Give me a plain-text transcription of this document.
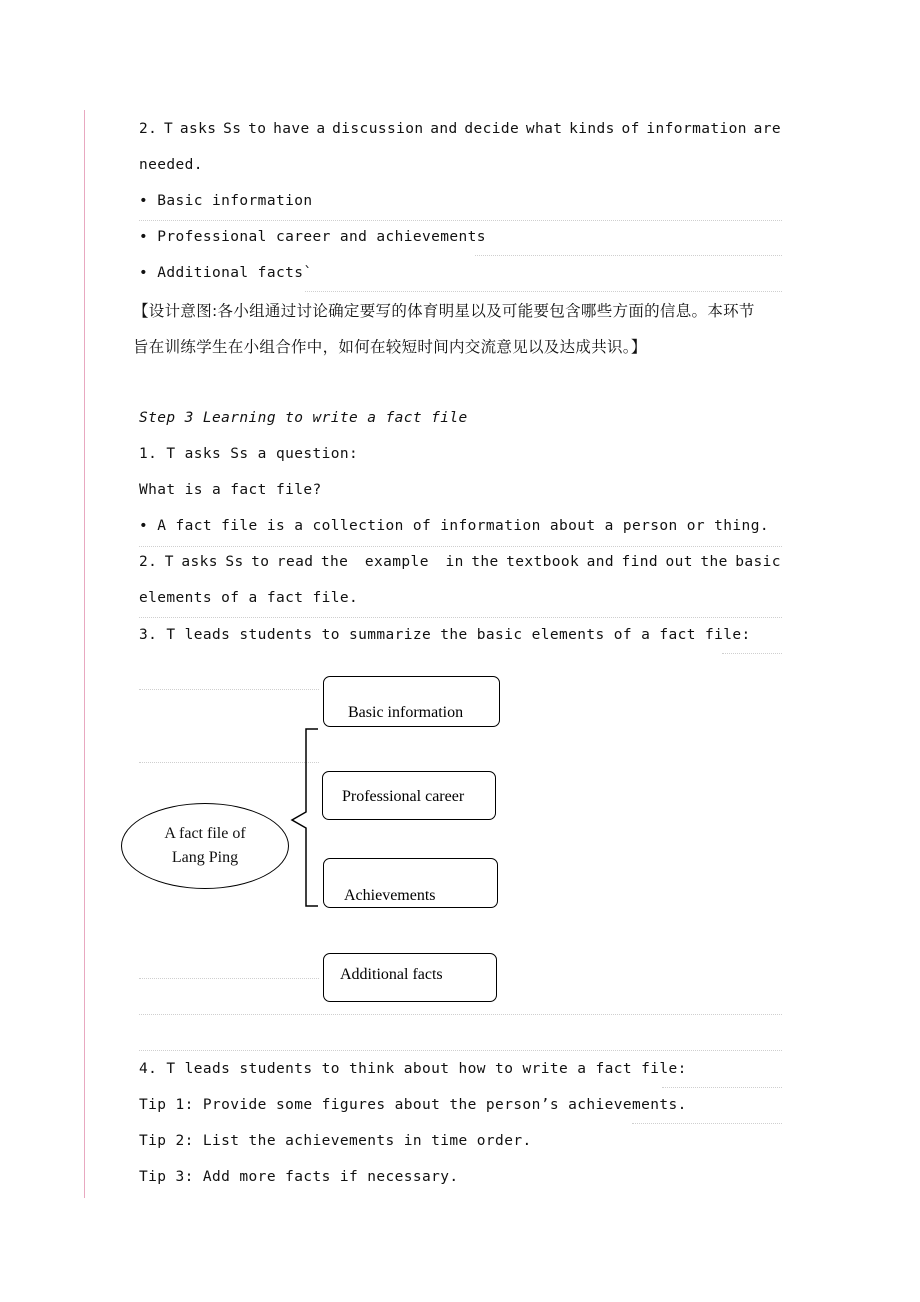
2. T asks Ss to have a discussion and decide what kinds of information are
needed.
• Basic information
• Professional career and achievements
• Additional facts`
【设计意图:各小组通过讨论确定要写的体育明星以及可能要包含哪些方面的信息。本环节
旨在训练学生在小组合作中，如何在较短时间内交流意见以及达成共识。】
Step 3 Learning to write a fact file
1. T asks Ss a question:
What is a fact file?
• A fact file is a collection of information about a person or thing.
2. T asks Ss to read the example in the textbook and find out the basic
elements of a fact file.
3. T leads students to summarize the basic elements of a fact file:
A fact file of
Lang Ping
Basic information
Professional career
Achievements
Additional facts
4. T leads students to think about how to write a fact file:
Tip 1: Provide some figures about the person’s achievements.
Tip 2: List the achievements in time order.
Tip 3: Add more facts if necessary.
